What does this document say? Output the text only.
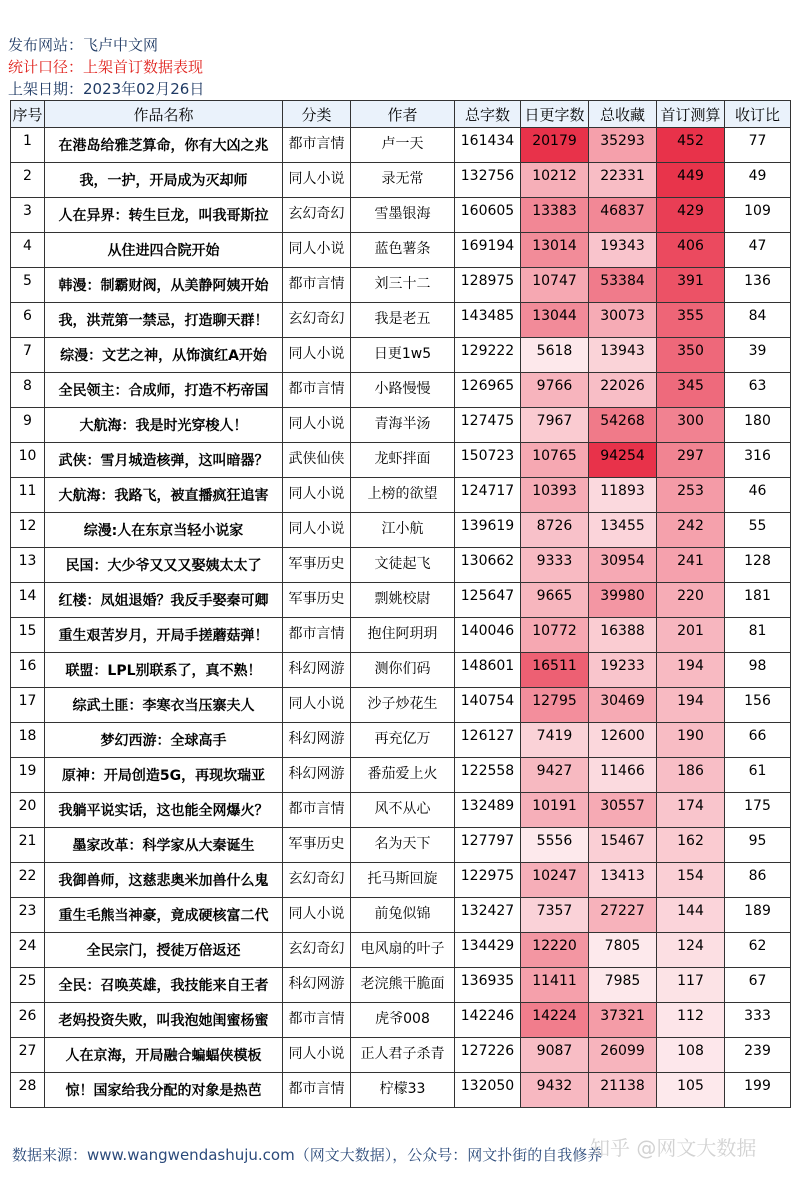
发布网站：飞卢中文网
统计口径：上架首订数据表现
上架日期：2023年02月26日
序号	作品名称	分类	作者	总字数	日更字数	总收藏	首订测算	收订比
1	在港岛给雅芝算命，你有大凶之兆	都市言情	卢一天	161434	20179	35293	452	77
2	我，一护，开局成为灭却师	同人小说	录无常	132756	10212	22331	449	49
3	人在异界：转生巨龙，叫我哥斯拉	玄幻奇幻	雪墨银海	160605	13383	46837	429	109
4	从住进四合院开始	同人小说	蓝色薯条	169194	13014	19343	406	47
5	韩漫：制霸财阀，从美静阿姨开始	都市言情	刘三十二	128975	10747	53384	391	136
6	我，洪荒第一禁忌，打造聊天群！	玄幻奇幻	我是老五	143485	13044	30073	355	84
7	综漫：文艺之神，从饰演红A开始	同人小说	日更1w5	129222	5618	13943	350	39
8	全民领主：合成师，打造不朽帝国	都市言情	小路慢慢	126965	9766	22026	345	63
9	大航海：我是时光穿梭人！	同人小说	青海半汤	127475	7967	54268	300	180
10	武侠：雪月城造核弹，这叫暗器？	武侠仙侠	龙虾拌面	150723	10765	94254	297	316
11	大航海：我路飞，被直播疯狂追害	同人小说	上榜的欲望	124717	10393	11893	253	46
12	综漫:人在东京当轻小说家	同人小说	江小航	139619	8726	13455	242	55
13	民国：大少爷又又又娶姨太太了	军事历史	文徒起飞	130662	9333	30954	241	128
14	红楼：凤姐退婚？我反手娶秦可卿	军事历史	剽姚校尉	125647	9665	39980	220	181
15	重生艰苦岁月，开局手搓蘑菇弹！	都市言情	抱住阿玥玥	140046	10772	16388	201	81
16	联盟：LPL别联系了，真不熟！	科幻网游	测你们码	148601	16511	19233	194	98
17	综武土匪：李寒衣当压寨夫人	同人小说	沙子炒花生	140754	12795	30469	194	156
18	梦幻西游：全球高手	科幻网游	再充亿万	126127	7419	12600	190	66
19	原神：开局创造5G，再现坎瑞亚	科幻网游	番茄爱上火	122558	9427	11466	186	61
20	我躺平说实话，这也能全网爆火？	都市言情	风不从心	132489	10191	30557	174	175
21	墨家改革：科学家从大秦诞生	军事历史	名为天下	127797	5556	15467	162	95
22	我御兽师，这慈悲奥米加兽什么鬼	玄幻奇幻	托马斯回旋	122975	10247	13413	154	86
23	重生毛熊当神豪，竟成硬核富二代	同人小说	前兔似锦	132427	7357	27227	144	189
24	全民宗门，授徒万倍返还	玄幻奇幻	电风扇的叶子	134429	12220	7805	124	62
25	全民：召唤英雄，我技能来自王者	科幻网游	老浣熊干脆面	136935	11411	7985	117	67
26	老妈投资失败，叫我泡她闺蜜杨蜜	都市言情	虎爷008	142246	14224	37321	112	333
27	人在京海，开局融合蝙蝠侠模板	同人小说	正人君子杀青	127226	9087	26099	108	239
28	惊！国家给我分配的对象是热芭	都市言情	柠檬33	132050	9432	21138	105	199
数据来源：www.wangwendashuju.com（网文大数据），公众号：网文扑街的自我修养
知乎 @网文大数据
